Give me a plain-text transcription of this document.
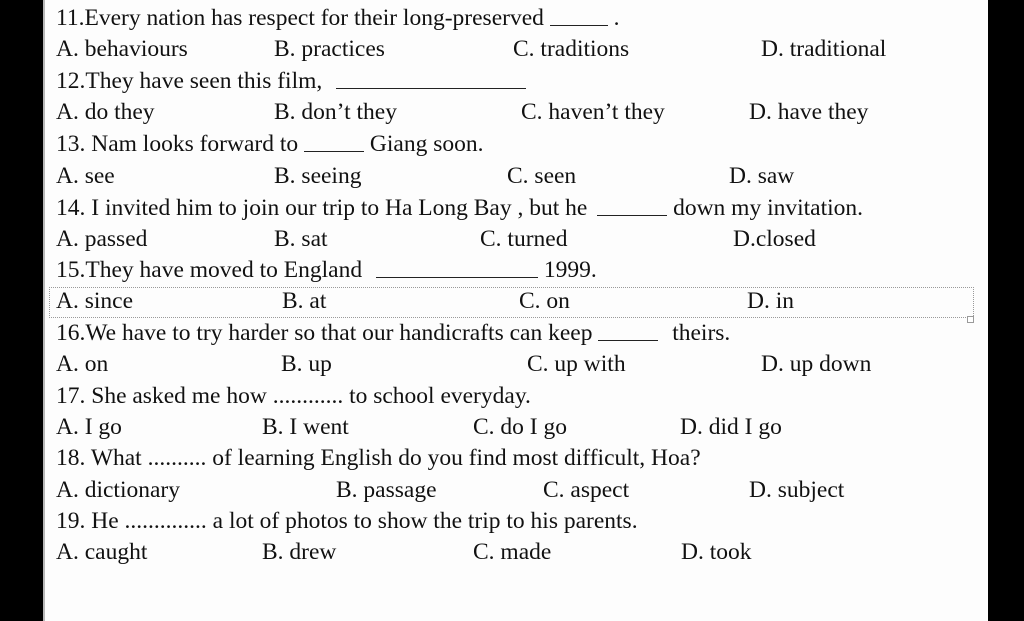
11.Every nation has respect for their long-preserved  .
A. behaviours	B. practices	C. traditions	D. traditional
12.They have seen this film,
A. do they	B. don’t they	C. haven’t they	D. have they
13. Nam looks forward to	Giang soon.
A. see	B. seeing	C. seen	D. saw
14. I invited him to join our trip to Ha Long Bay , but he	down my invitation.
A. passed	B. sat	C. turned	D.closed
15.They have moved to England	1999.
A. since	B. at	C. on	D. in
16.We have to try harder so that our handicrafts can keep	theirs.
A. on	B. up	C. up with	D. up down
17. She asked me how ............ to school everyday.
A. I go	B. I went	C. do I go	D. did I go
18. What .......... of learning English do you find most difficult, Hoa?
A. dictionary	B. passage	C. aspect	D. subject
19. He .............. a lot of photos to show the trip to his parents.
A. caught	B. drew	C. made	D. took
